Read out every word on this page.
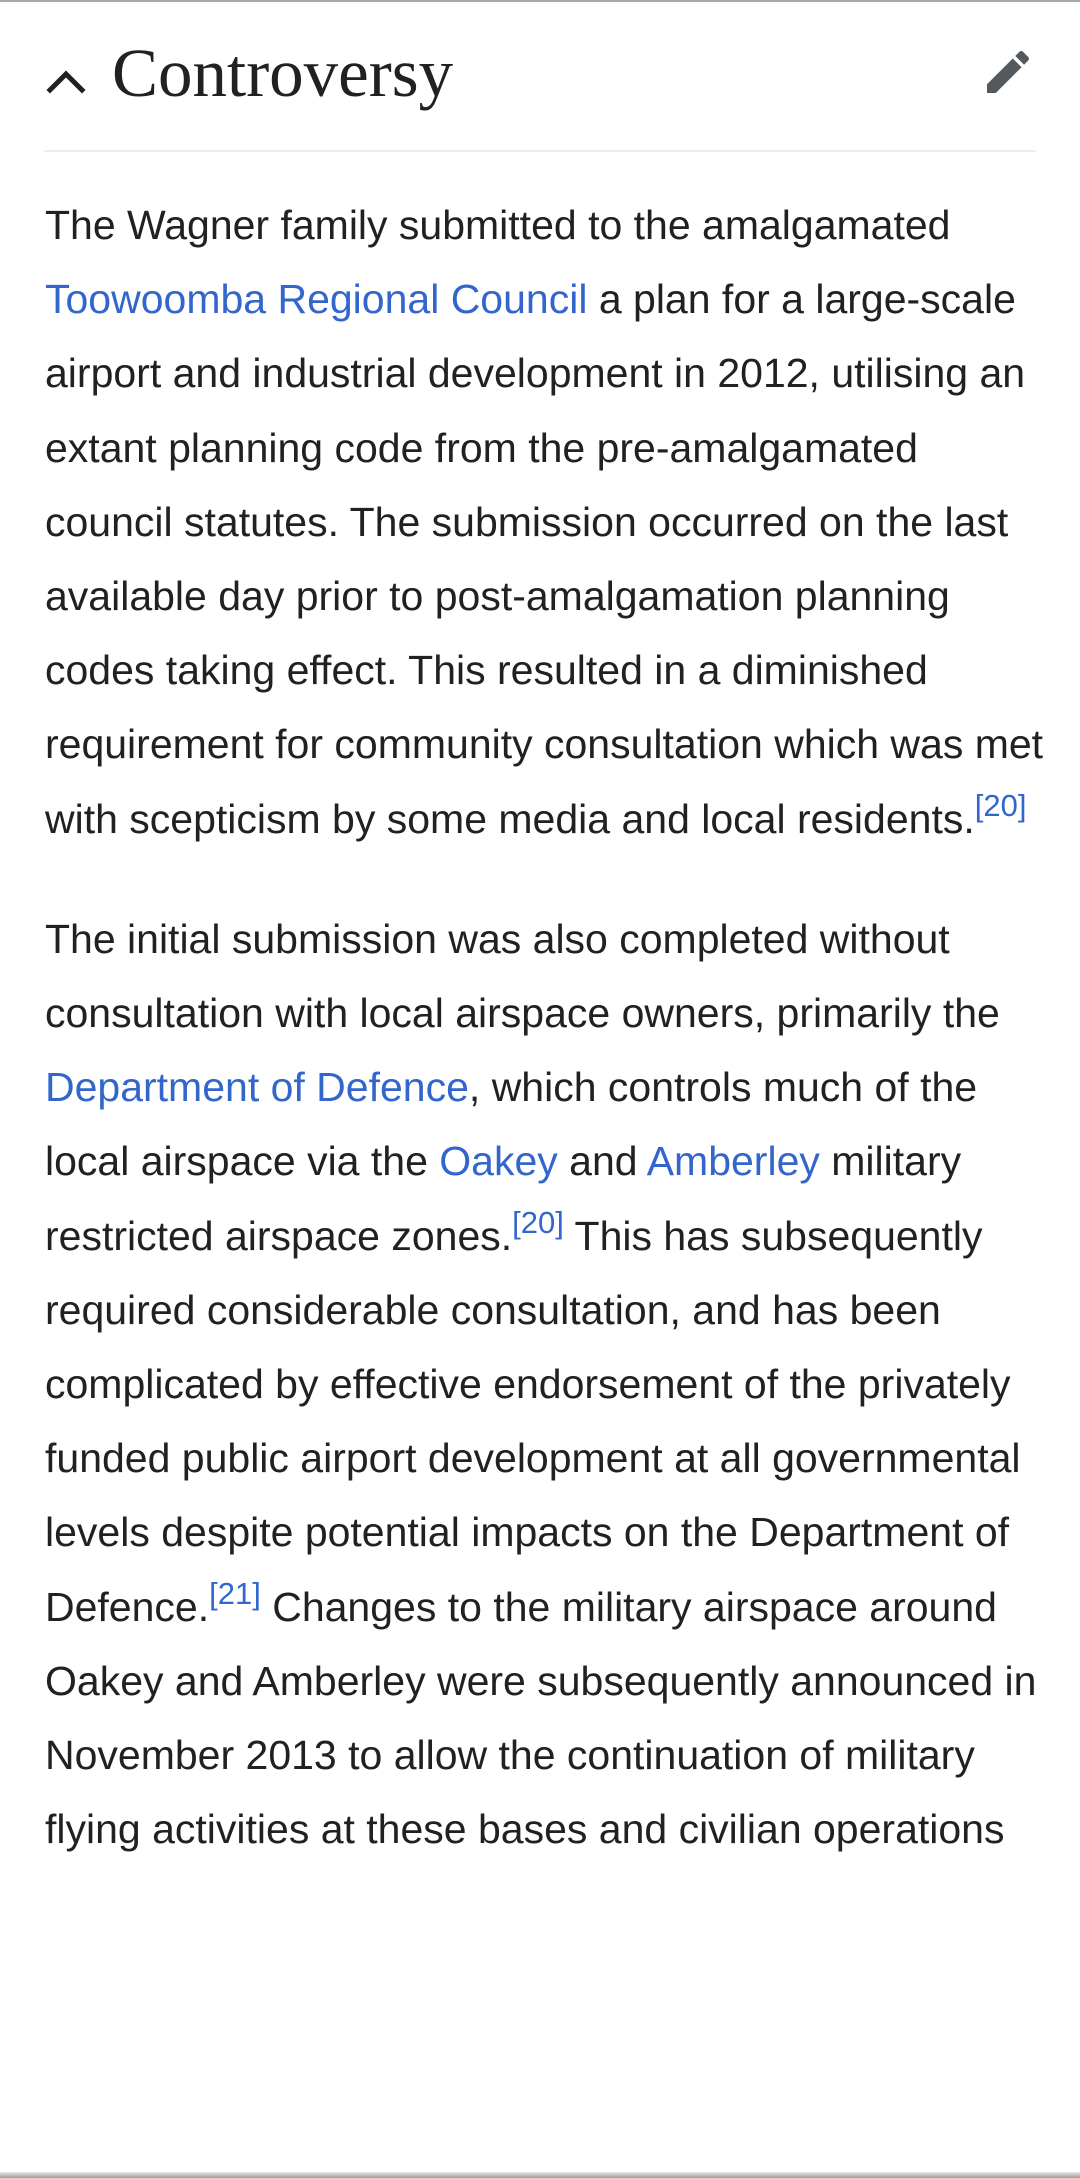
Controversy

The Wagner family submitted to the amalgamated Toowoomba Regional Council a plan for a large-scale airport and industrial development in 2012, utilising an extant planning code from the pre-amalgamated council statutes. The submission occurred on the last available day prior to post-amalgamation planning codes taking effect. This resulted in a diminished requirement for community consultation which was met with scepticism by some media and local residents.[20]

The initial submission was also completed without consultation with local airspace owners, primarily the Department of Defence, which controls much of the local airspace via the Oakey and Amberley military restricted airspace zones.[20] This has subsequently required considerable consultation, and has been complicated by effective endorsement of the privately funded public airport development at all governmental levels despite potential impacts on the Department of Defence.[21] Changes to the military airspace around Oakey and Amberley were subsequently announced in November 2013 to allow the continuation of military flying activities at these bases and civilian operations
